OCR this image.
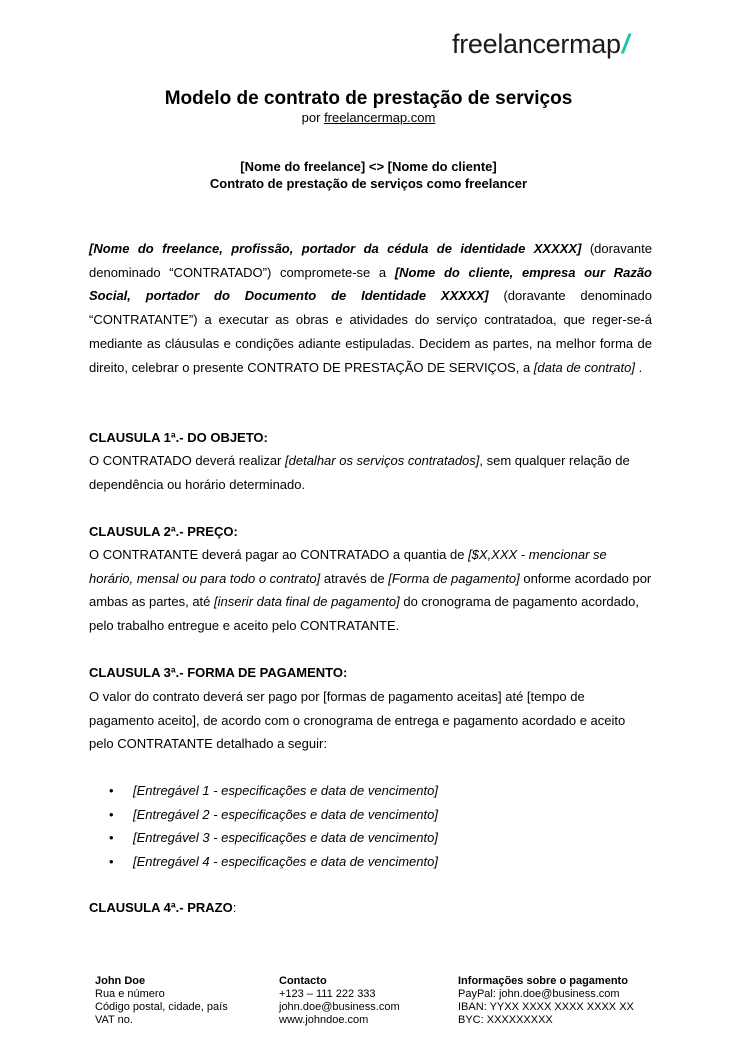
freelancermap/
Modelo de contrato de prestação de serviços
por freelancermap.com
[Nome do freelance] <> [Nome do cliente]
Contrato de prestação de serviços como freelancer
[Nome do freelance, profissão, portador da cédula de identidade XXXXX] (doravante denominado “CONTRATADO”) compromete-se a [Nome do cliente, empresa our Razão Social, portador do Documento de Identidade XXXXX] (doravante denominado “CONTRATANTE”) a executar as obras e atividades do serviço contratadoa, que reger-se-á mediante as cláusulas e condições adiante estipuladas. Decidem as partes, na melhor forma de direito, celebrar o presente CONTRATO DE PRESTAÇÃO DE SERVIÇOS, a [data de contrato] .
CLAUSULA 1ª.- DO OBJETO:
O CONTRATADO deverá realizar [detalhar os serviços contratados], sem qualquer relação de dependência ou horário determinado.
CLAUSULA 2ª.- PREÇO:
O CONTRATANTE deverá pagar ao CONTRATADO a quantia de [$X,XXX - mencionar se horário, mensal ou para todo o contrato] através de [Forma de pagamento] onforme acordado por ambas as partes, até [inserir data final de pagamento] do cronograma de pagamento acordado, pelo trabalho entregue e aceito pelo CONTRATANTE.
CLAUSULA 3ª.- FORMA DE PAGAMENTO:
O valor do contrato deverá ser pago por [formas de pagamento aceitas] até [tempo de pagamento aceito], de acordo com o cronograma de entrega e pagamento acordado e aceito pelo CONTRATANTE detalhado a seguir:
• [Entregável 1 - especificações e data de vencimento]
• [Entregável 2 - especificações e data de vencimento]
• [Entregável 3 - especificações e data de vencimento]
• [Entregável 4 - especificações e data de vencimento]
CLAUSULA 4ª.- PRAZO:
John Doe
Rua e número
Código postal, cidade, país
VAT no.
Contacto
+123 – 111 222 333
john.doe@business.com
www.johndoe.com
Informações sobre o pagamento
PayPal: john.doe@business.com
IBAN: YYXX XXXX XXXX XXXX XX
BYC: XXXXXXXXX
